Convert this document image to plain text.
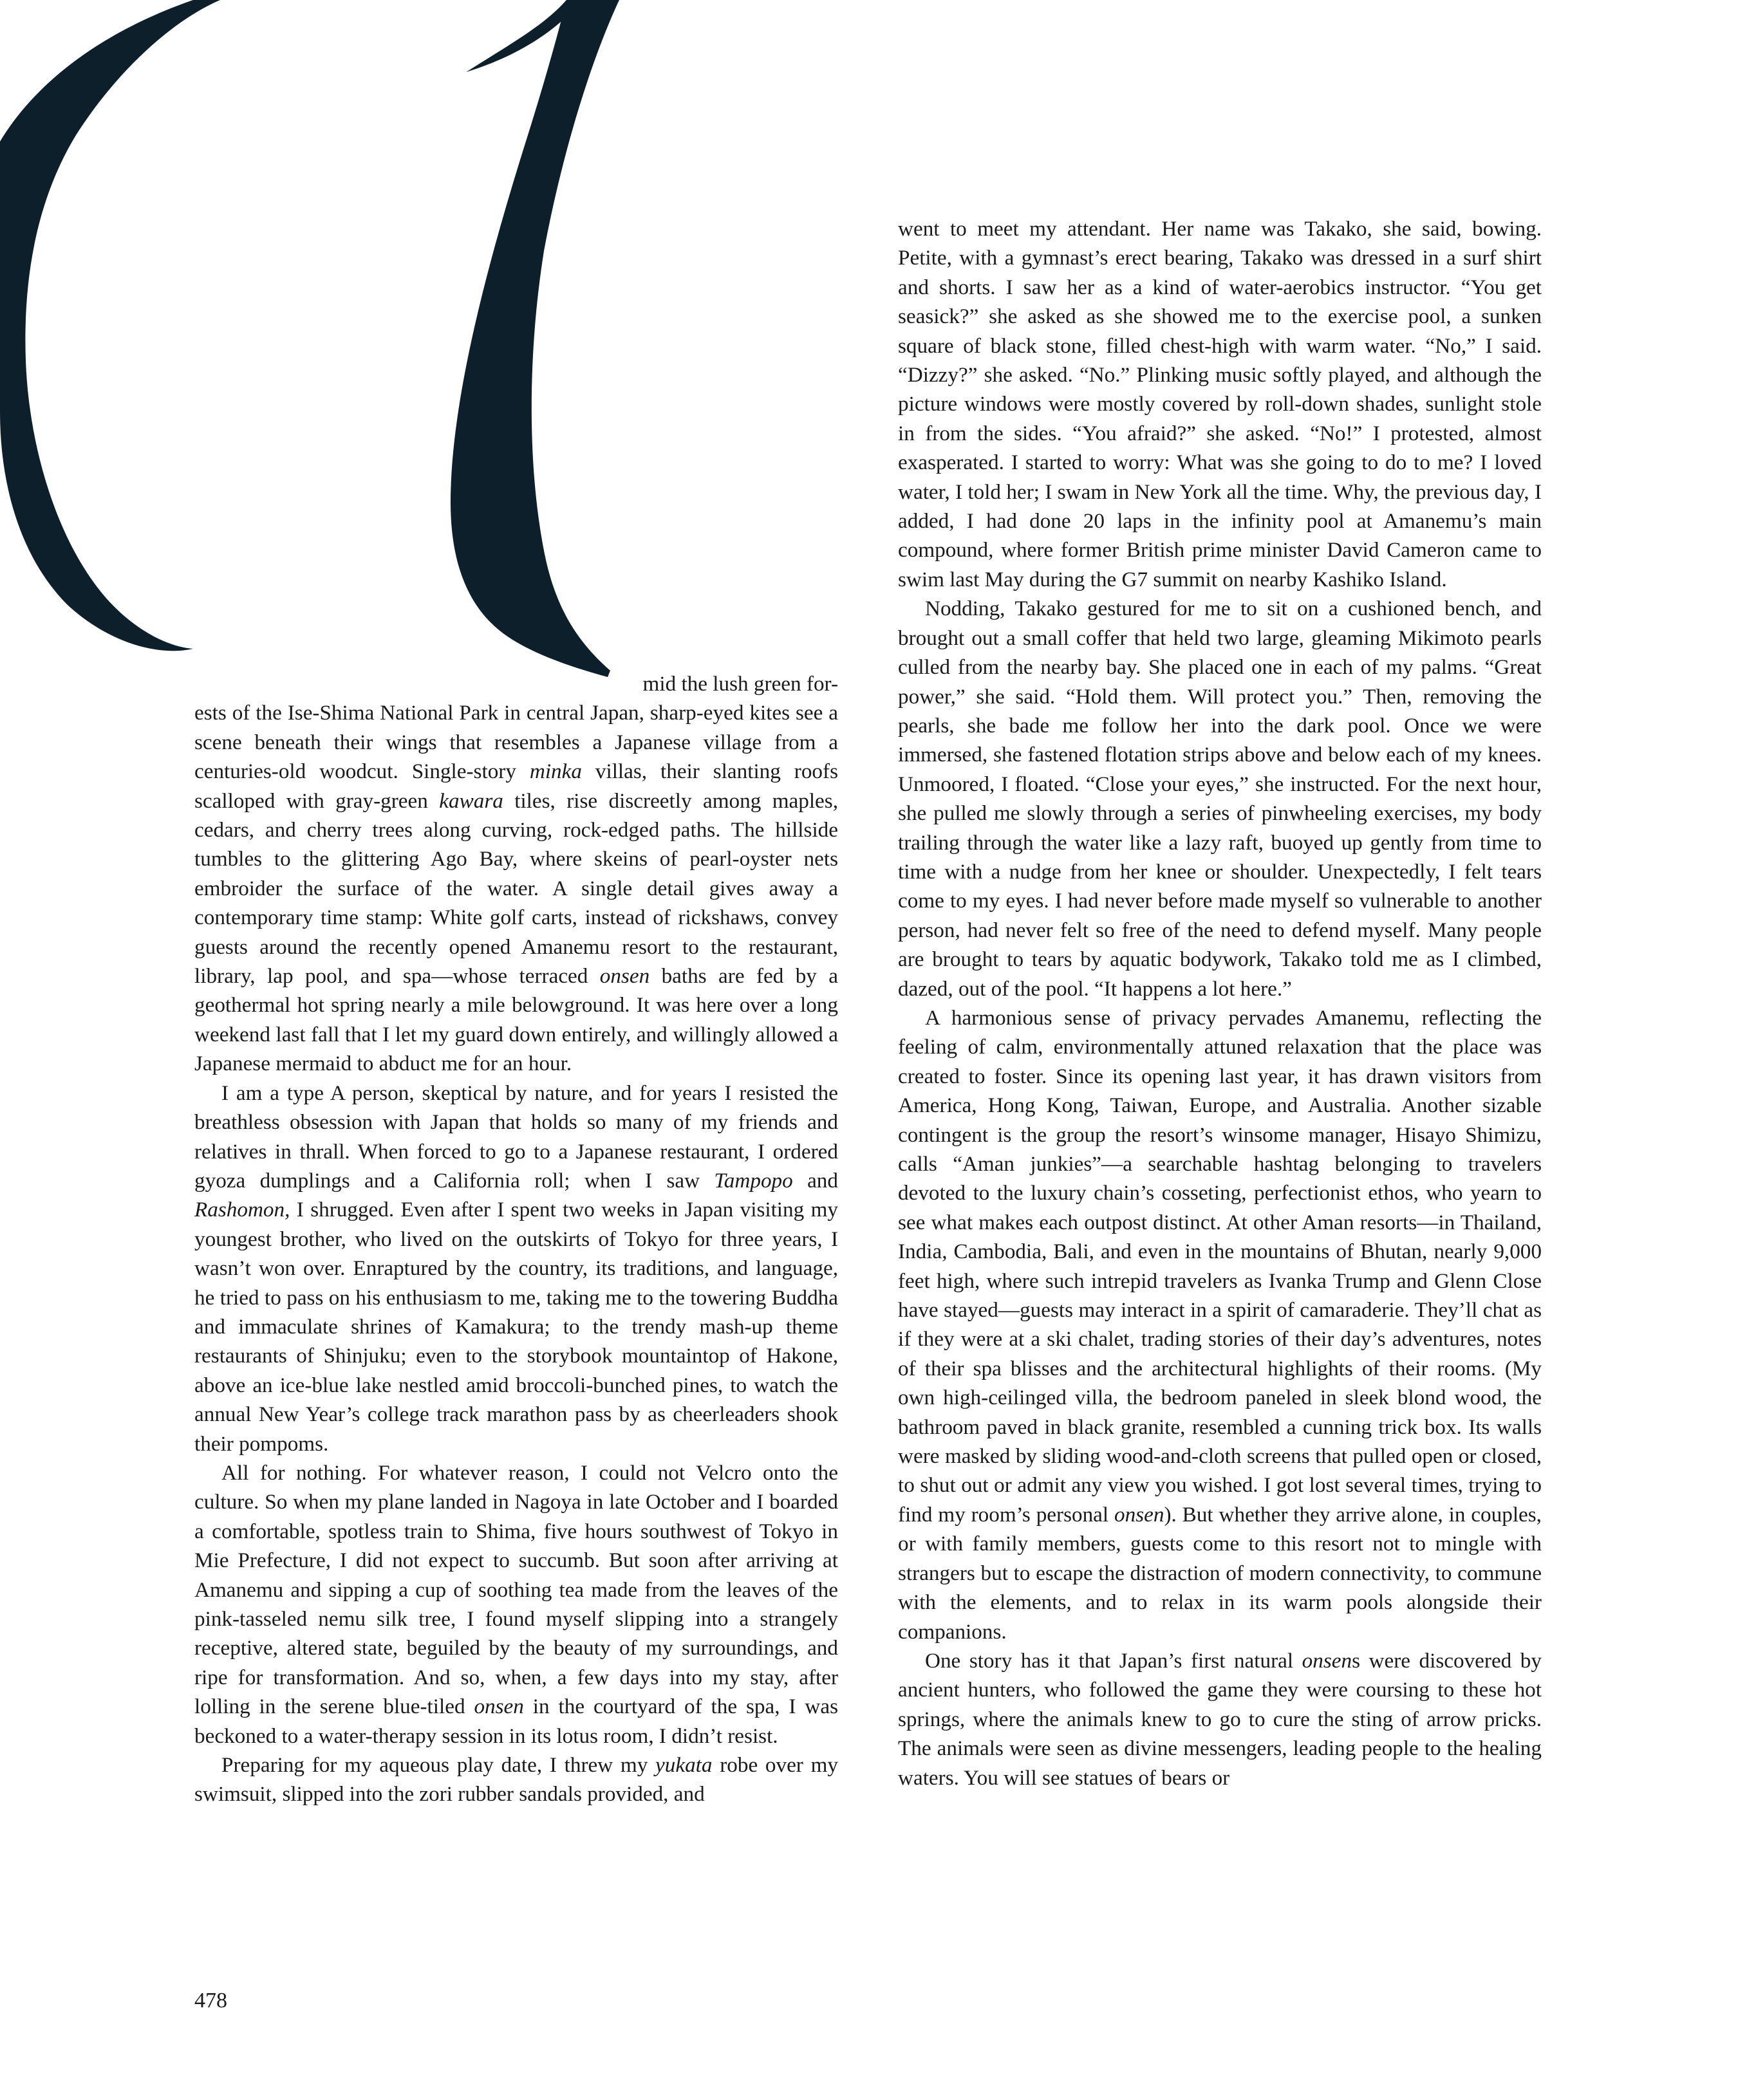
mid the lush green for-
ests of the Ise-Shima National Park in central Japan, sharp-eyed kites see a scene beneath their wings that resembles a Japanese village from a centuries-old woodcut. Single-story minka villas, their slanting roofs scalloped with gray-green kawara tiles, rise discreetly among maples, cedars, and cherry trees along curving, rock-edged paths. The hillside tumbles to the glittering Ago Bay, where skeins of pearl-oyster nets embroider the surface of the water. A single detail gives away a contemporary time stamp: White golf carts, instead of rickshaws, convey guests around the recently opened Amanemu resort to the restaurant, library, lap pool, and spa—whose terraced onsen baths are fed by a geothermal hot spring nearly a mile belowground. It was here over a long weekend last fall that I let my guard down entirely, and willingly allowed a Japanese mermaid to abduct me for an hour.

I am a type A person, skeptical by nature, and for years I resisted the breathless obsession with Japan that holds so many of my friends and relatives in thrall. When forced to go to a Japanese restaurant, I ordered gyoza dumplings and a California roll; when I saw Tampopo and Rashomon, I shrugged. Even after I spent two weeks in Japan visiting my youngest brother, who lived on the outskirts of Tokyo for three years, I wasn’t won over. Enraptured by the country, its traditions, and language, he tried to pass on his enthusiasm to me, taking me to the towering Buddha and immaculate shrines of Kamakura; to the trendy mash-up theme restaurants of Shinjuku; even to the storybook mountaintop of Hakone, above an ice-blue lake nestled amid broccoli-bunched pines, to watch the annual New Year’s college track marathon pass by as cheerleaders shook their pompoms.

All for nothing. For whatever reason, I could not Velcro onto the culture. So when my plane landed in Nagoya in late October and I boarded a comfortable, spotless train to Shima, five hours southwest of Tokyo in Mie Prefecture, I did not expect to succumb. But soon after arriving at Amanemu and sipping a cup of soothing tea made from the leaves of the pink-tasseled nemu silk tree, I found myself slipping into a strangely receptive, altered state, beguiled by the beauty of my surroundings, and ripe for transformation. And so, when, a few days into my stay, after lolling in the serene blue-tiled onsen in the courtyard of the spa, I was beckoned to a water-therapy session in its lotus room, I didn’t resist.

Preparing for my aqueous play date, I threw my yukata robe over my swimsuit, slipped into the zori rubber sandals provided, and

went to meet my attendant. Her name was Takako, she said, bowing. Petite, with a gymnast’s erect bearing, Takako was dressed in a surf shirt and shorts. I saw her as a kind of water-aerobics instructor. “You get seasick?” she asked as she showed me to the exercise pool, a sunken square of black stone, filled chest-high with warm water. “No,” I said. “Dizzy?” she asked. “No.” Plinking music softly played, and although the picture windows were mostly covered by roll-down shades, sunlight stole in from the sides. “You afraid?” she asked. “No!” I protested, almost exasperated. I started to worry: What was she going to do to me? I loved water, I told her; I swam in New York all the time. Why, the previous day, I added, I had done 20 laps in the infinity pool at Amanemu’s main compound, where former British prime minister David Cameron came to swim last May during the G7 summit on nearby Kashiko Island.

Nodding, Takako gestured for me to sit on a cushioned bench, and brought out a small coffer that held two large, gleaming Mikimoto pearls culled from the nearby bay. She placed one in each of my palms. “Great power,” she said. “Hold them. Will protect you.” Then, removing the pearls, she bade me follow her into the dark pool. Once we were immersed, she fastened flotation strips above and below each of my knees. Unmoored, I floated. “Close your eyes,” she instructed. For the next hour, she pulled me slowly through a series of pinwheeling exercises, my body trailing through the water like a lazy raft, buoyed up gently from time to time with a nudge from her knee or shoulder. Unexpectedly, I felt tears come to my eyes. I had never before made myself so vulnerable to another person, had never felt so free of the need to defend myself. Many people are brought to tears by aquatic bodywork, Takako told me as I climbed, dazed, out of the pool. “It happens a lot here.”

A harmonious sense of privacy pervades Amanemu, reflecting the feeling of calm, environmentally attuned relaxation that the place was created to foster. Since its opening last year, it has drawn visitors from America, Hong Kong, Taiwan, Europe, and Australia. Another sizable contingent is the group the resort’s winsome manager, Hisayo Shimizu, calls “Aman junkies”—a searchable hashtag belonging to travelers devoted to the luxury chain’s cosseting, perfectionist ethos, who yearn to see what makes each outpost distinct. At other Aman resorts—in Thailand, India, Cambodia, Bali, and even in the mountains of Bhutan, nearly 9,000 feet high, where such intrepid travelers as Ivanka Trump and Glenn Close have stayed—guests may interact in a spirit of camaraderie. They’ll chat as if they were at a ski chalet, trading stories of their day’s adventures, notes of their spa blisses and the architectural highlights of their rooms. (My own high-ceilinged villa, the bedroom paneled in sleek blond wood, the bathroom paved in black granite, resembled a cunning trick box. Its walls were masked by sliding wood-and-cloth screens that pulled open or closed, to shut out or admit any view you wished. I got lost several times, trying to find my room’s personal onsen). But whether they arrive alone, in couples, or with family members, guests come to this resort not to mingle with strangers but to escape the distraction of modern connectivity, to commune with the elements, and to relax in its warm pools alongside their companions.

One story has it that Japan’s first natural onsens were discovered by ancient hunters, who followed the game they were coursing to these hot springs, where the animals knew to go to cure the sting of arrow pricks. The animals were seen as divine messengers, leading people to the healing waters. You will see statues of bears or

478
